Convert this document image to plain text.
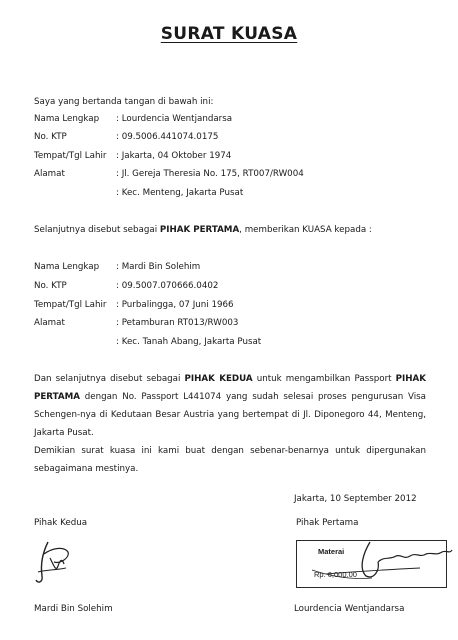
SURAT KUASA
Saya yang bertanda tangan di bawah ini:
Nama Lengkap : Lourdencia Wentjandarsa
No. KTP	: 09.5006.441074.0175
Tempat/Tgl Lahir : Jakarta, 04 Oktober 1974
Alamat	: Jl. Gereja Theresia No. 175, RT007/RW004
: Kec. Menteng, Jakarta Pusat
Selanjutnya disebut sebagai PIHAK PERTAMA, memberikan KUASA kepada :
Nama Lengkap : Mardi Bin Solehim
No. KTP	: 09.5007.070666.0402
Tempat/Tgl Lahir : Purbalingga, 07 Juni 1966
Alamat	: Petamburan RT013/RW003
: Kec. Tanah Abang, Jakarta Pusat
Dan selanjutnya disebut sebagai PIHAK KEDUA untuk mengambilkan Passport PIHAK PERTAMA dengan No. Passport L441074 yang sudah selesai proses pengurusan Visa Schengen-nya di Kedutaan Besar Austria yang bertempat di Jl. Diponegoro 44, Menteng, Jakarta Pusat.
Demikian surat kuasa ini kami buat dengan sebenar-benarnya untuk dipergunakan sebagaimana mestinya.
Jakarta, 10 September 2012
Pihak Kedua	Pihak Pertama
Materai
Rp. 6,000.00
Mardi Bin Solehim	Lourdencia Wentjandarsa
